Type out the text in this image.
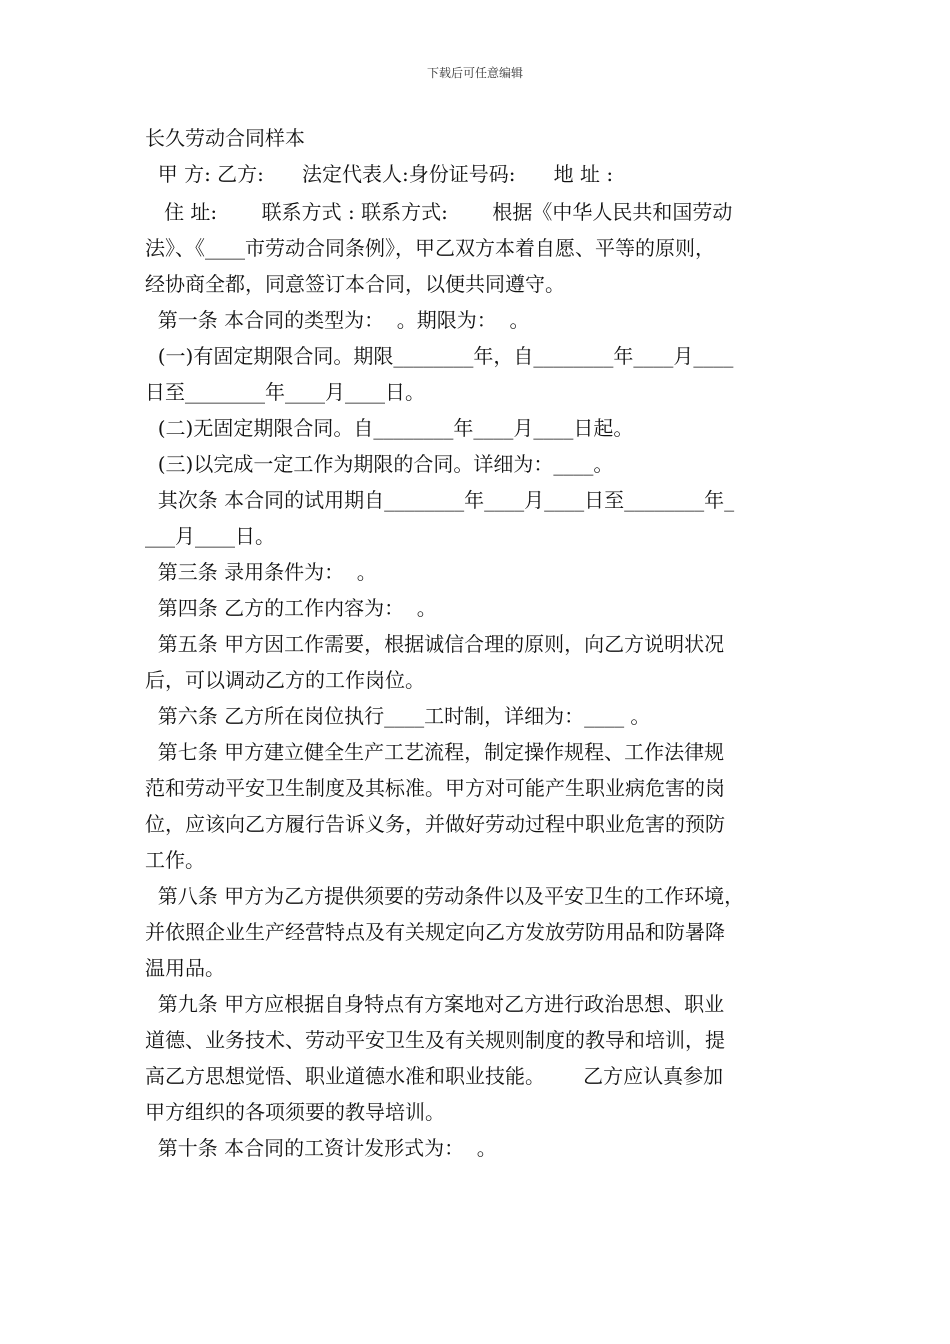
下载后可任意编辑
长久劳动合同样本
甲 方: 乙方:      法定代表人:身份证号码:      地 址 :
住 址:       联系方式 : 联系方式:       根据《中华人民共和国劳动
法》、《____市劳动合同条例》，甲乙双方本着自愿、平等的原则，
经协商全都，同意签订本合同，以便共同遵守。
第一条 本合同的类型为：  。期限为：  。
(一)有固定期限合同。期限________年，自________年____月____
日至________年____月____日。
(二)无固定期限合同。自________年____月____日起。
(三)以完成一定工作为期限的合同。详细为：____。
其次条 本合同的试用期自________年____月____日至________年_
___月____日。
第三条 录用条件为：  。
第四条 乙方的工作内容为：  。
第五条 甲方因工作需要，根据诚信合理的原则，向乙方说明状况
后，可以调动乙方的工作岗位。
第六条 乙方所在岗位执行____工时制，详细为：____ 。
第七条 甲方建立健全生产工艺流程，制定操作规程、工作法律规
范和劳动平安卫生制度及其标准。甲方对可能产生职业病危害的岗
位，应该向乙方履行告诉义务，并做好劳动过程中职业危害的预防
工作。
第八条 甲方为乙方提供须要的劳动条件以及平安卫生的工作环境，
并依照企业生产经营特点及有关规定向乙方发放劳防用品和防暑降
温用品。
第九条 甲方应根据自身特点有方案地对乙方进行政治思想、职业
道德、业务技术、劳动平安卫生及有关规则制度的教导和培训，提
高乙方思想觉悟、职业道德水准和职业技能。      乙方应认真参加
甲方组织的各项须要的教导培训。
第十条 本合同的工资计发形式为：  。
